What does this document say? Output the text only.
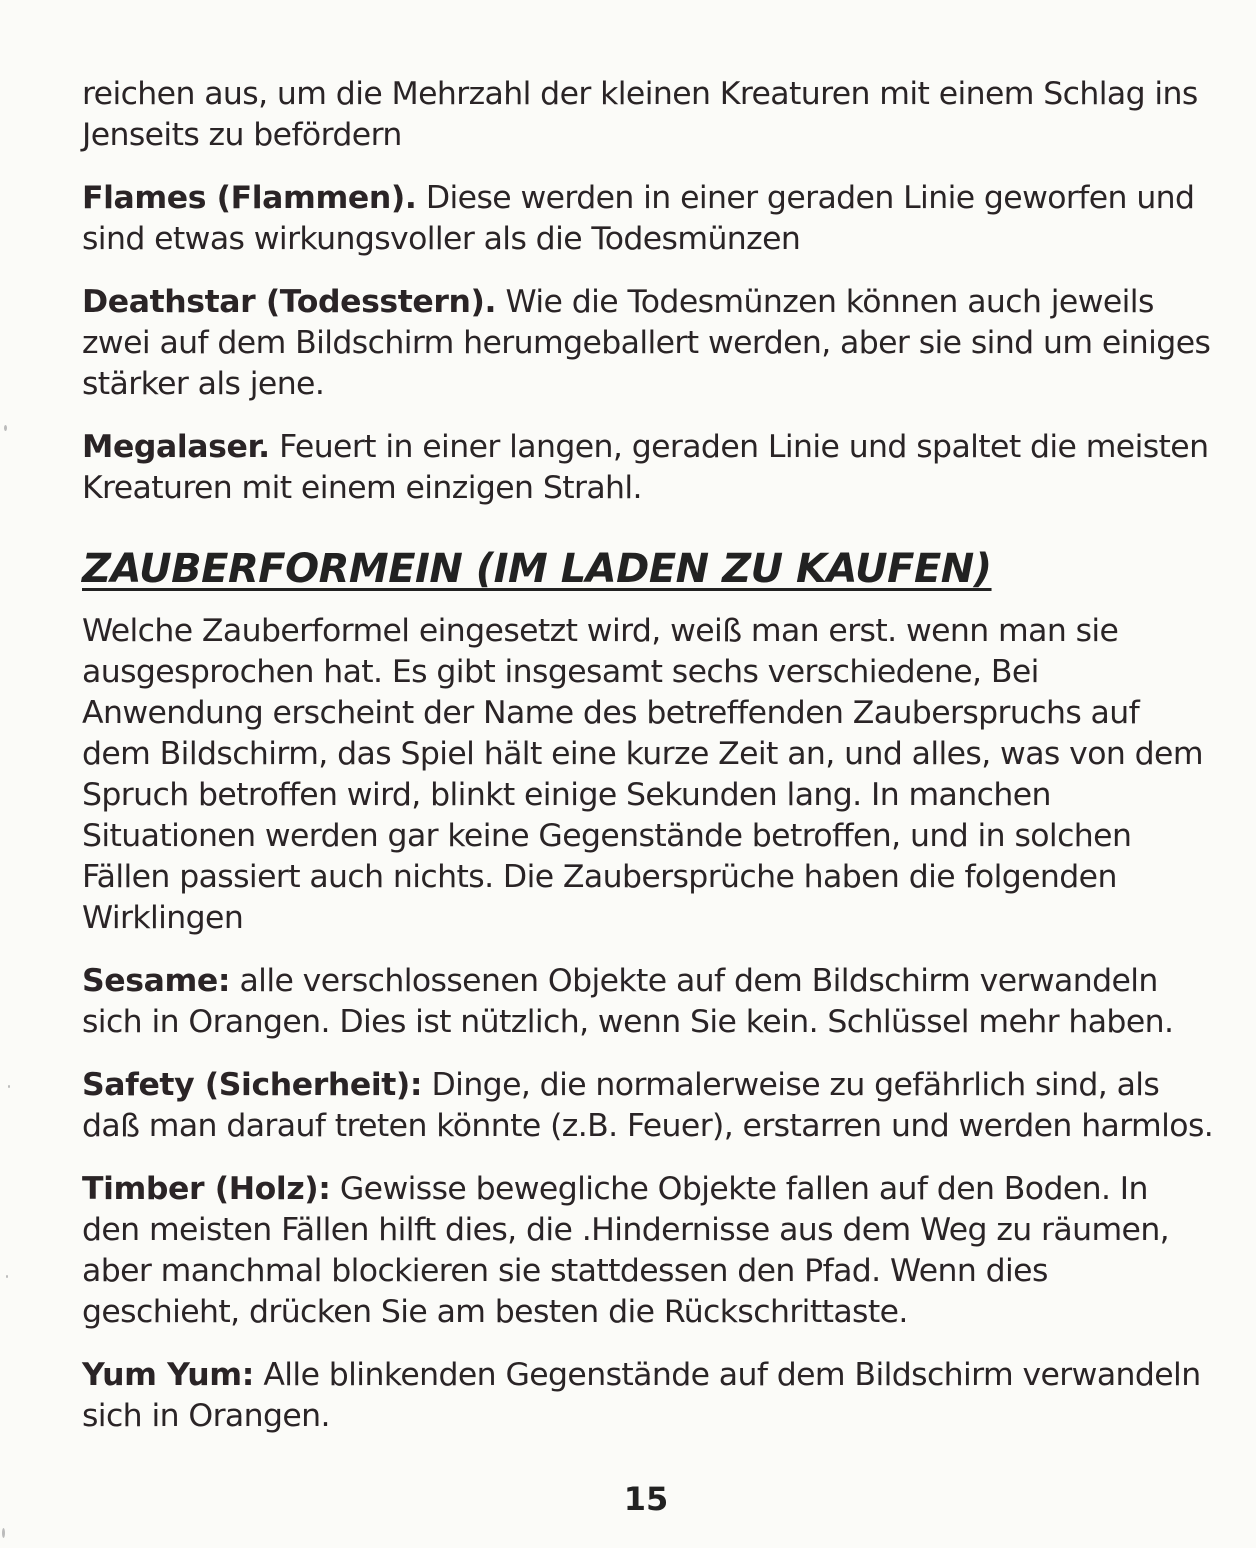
reichen aus, um die Mehrzahl der kleinen Kreaturen mit einem Schlag ins Jenseits zu befördern

Flames (Flammen). Diese werden in einer geraden Linie geworfen und sind etwas wirkungsvoller als die Todesmünzen

Deathstar (Todesstern). Wie die Todesmünzen können auch jeweils zwei auf dem Bildschirm herumgeballert werden, aber sie sind um einiges stärker als jene.

Megalaser. Feuert in einer langen, geraden Linie und spaltet die meisten Kreaturen mit einem einzigen Strahl.

ZAUBERFORMEIN (IM LADEN ZU KAUFEN)

Welche Zauberformel eingesetzt wird, weiß man erst. wenn man sie ausgesprochen hat. Es gibt insgesamt sechs verschiedene, Bei Anwendung erscheint der Name des betreffenden Zauberspruchs auf dem Bildschirm, das Spiel hält eine kurze Zeit an, und alles, was von dem Spruch betroffen wird, blinkt einige Sekunden lang. In manchen Situationen werden gar keine Gegenstände betroffen, und in solchen Fällen passiert auch nichts. Die Zaubersprüche haben die folgenden Wirklingen

Sesame: alle verschlossenen Objekte auf dem Bildschirm verwandeln sich in Orangen. Dies ist nützlich, wenn Sie kein. Schlüssel mehr haben.

Safety (Sicherheit): Dinge, die normalerweise zu gefährlich sind, als daß man darauf treten könnte (z.B. Feuer), erstarren und werden harmlos.

Timber (Holz): Gewisse bewegliche Objekte fallen auf den Boden. In den meisten Fällen hilft dies, die .Hindernisse aus dem Weg zu räumen, aber manchmal blockieren sie stattdessen den Pfad. Wenn dies geschieht, drücken Sie am besten die Rückschrittaste.

Yum Yum: Alle blinkenden Gegenstände auf dem Bildschirm verwandeln sich in Orangen.

15
